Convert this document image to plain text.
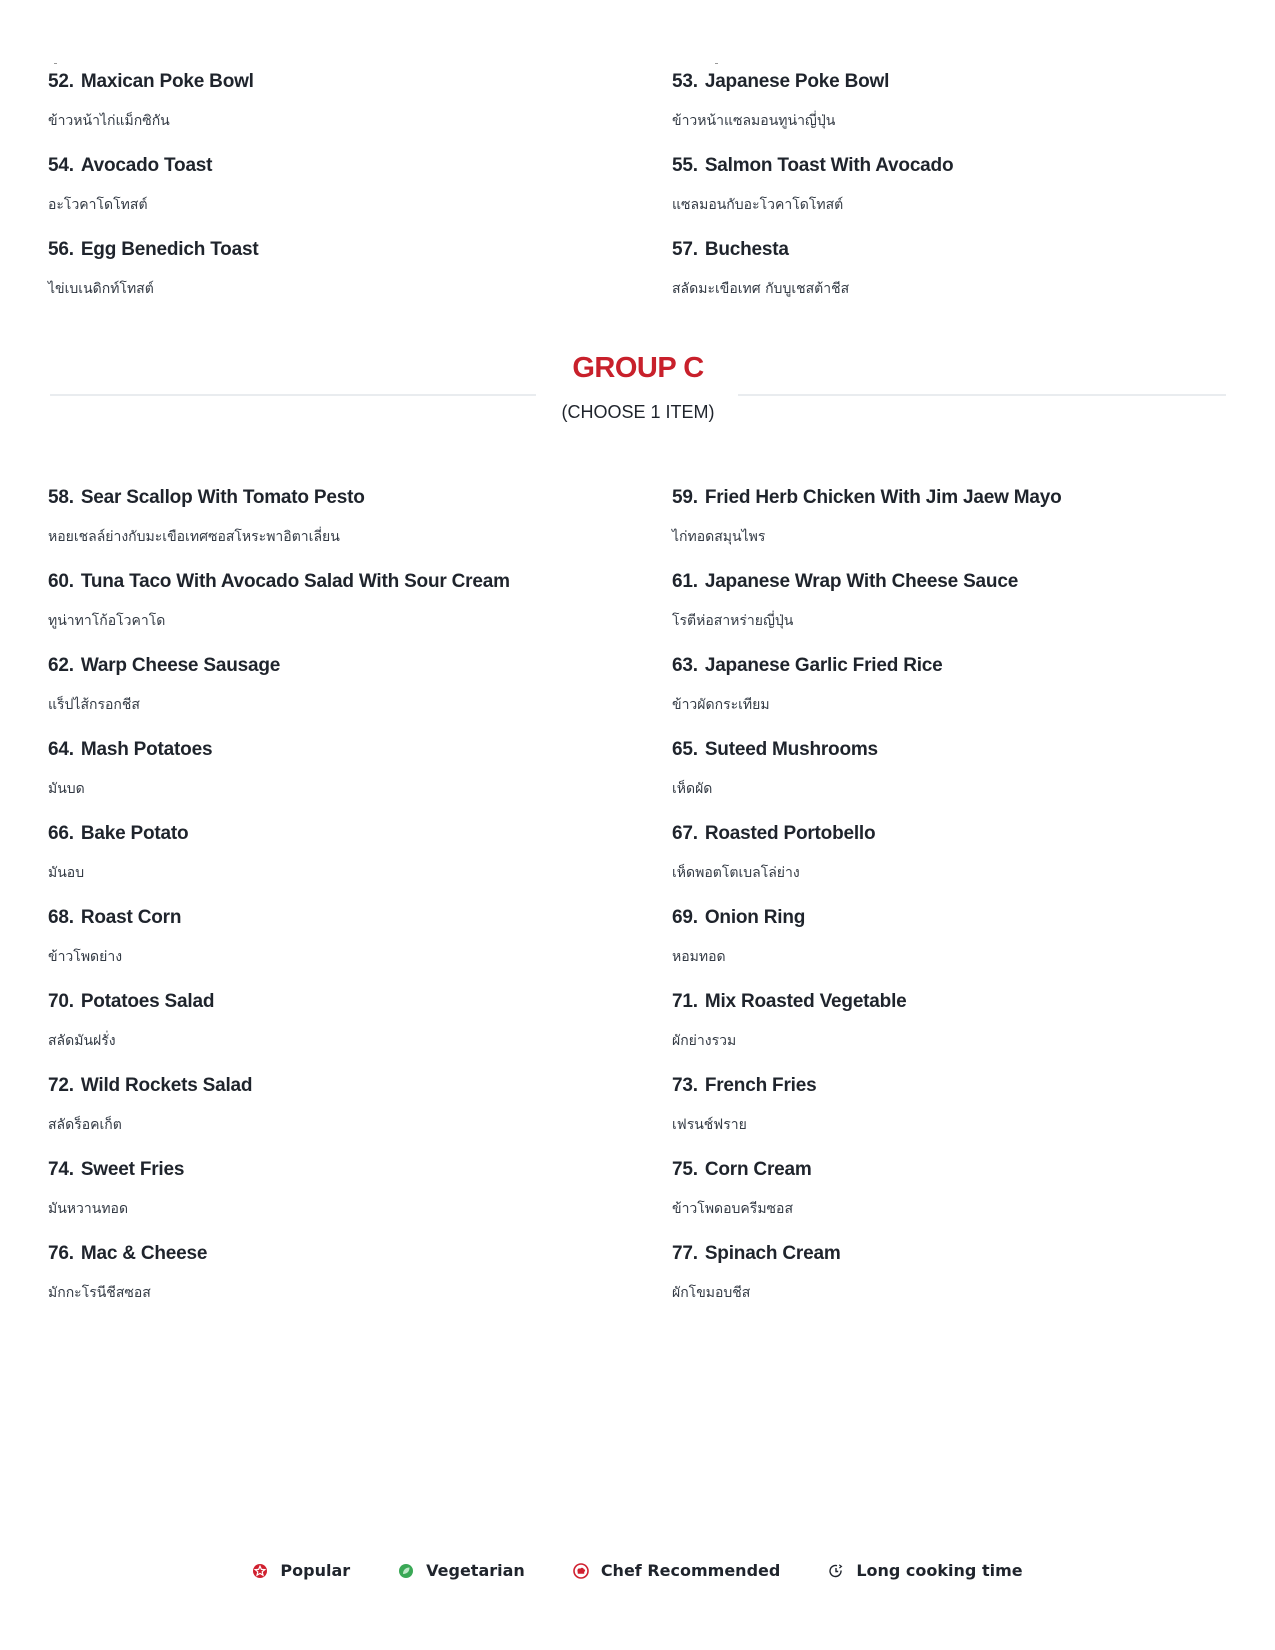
52. Maxican Poke Bowl
ข้าวหน้าไก่แม็กซิกัน
53. Japanese Poke Bowl
ข้าวหน้าแซลมอนทูน่าญี่ปุ่น
54. Avocado Toast
อะโวคาโดโทสต์
55. Salmon Toast With Avocado
แซลมอนกับอะโวคาโดโทสต์
56. Egg Benedich Toast
ไข่เบเนดิกท์โทสต์
57. Buchesta
สลัดมะเขือเทศ กับบูเชสต้าชีส
GROUP C
(CHOOSE 1 ITEM)
58. Sear Scallop With Tomato Pesto
หอยเชลล์ย่างกับมะเขือเทศซอสโหระพาอิตาเลี่ยน
59. Fried Herb Chicken With Jim Jaew Mayo
ไก่ทอดสมุนไพร
60. Tuna Taco With Avocado Salad With Sour Cream
ทูน่าทาโก้อโวคาโด
61. Japanese Wrap With Cheese Sauce
โรตีห่อสาหร่ายญี่ปุ่น
62. Warp Cheese Sausage
แร็ปไส้กรอกชีส
63. Japanese Garlic Fried Rice
ข้าวผัดกระเทียม
64. Mash Potatoes
มันบด
65. Suteed Mushrooms
เห็ดผัด
66. Bake Potato
มันอบ
67. Roasted Portobello
เห็ดพอตโตเบลโล่ย่าง
68. Roast Corn
ข้าวโพดย่าง
69. Onion Ring
หอมทอด
70. Potatoes Salad
สลัดมันฝรั่ง
71. Mix Roasted Vegetable
ผักย่างรวม
72. Wild Rockets Salad
สลัดร็อคเก็ต
73. French Fries
เฟรนช์ฟราย
74. Sweet Fries
มันหวานทอด
75. Corn Cream
ข้าวโพดอบครีมซอส
76. Mac & Cheese
มักกะโรนีชีสซอส
77. Spinach Cream
ผักโขมอบชีส
Popular	Vegetarian	Chef Recommended	Long cooking time
